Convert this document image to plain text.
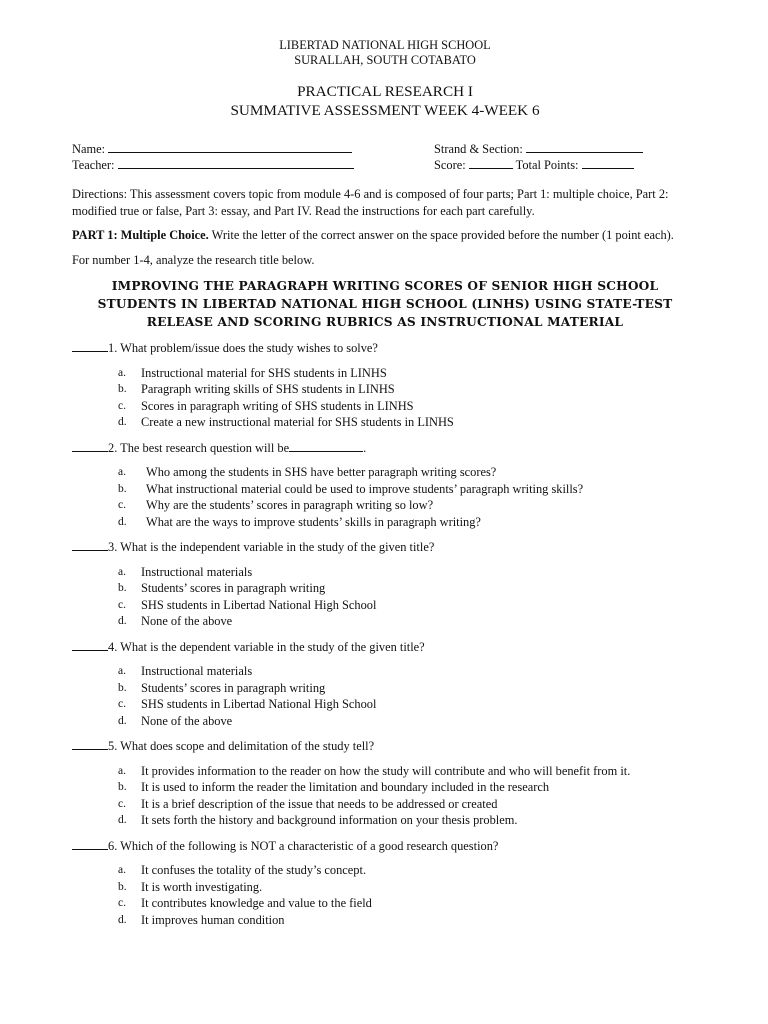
LIBERTAD NATIONAL HIGH SCHOOL
SURALLAH, SOUTH COTABATO
PRACTICAL RESEARCH I
SUMMATIVE ASSESSMENT WEEK 4-WEEK 6
Name:
Teacher:
Strand & Section:
Score:	Total Points:
Directions: This assessment covers topic from module 4-6 and is composed of four parts; Part 1: multiple choice, Part 2: modified true or false, Part 3: essay, and Part IV. Read the instructions for each part carefully.
PART 1: Multiple Choice. Write the letter of the correct answer on the space provided before the number (1 point each).
For number 1-4, analyze the research title below.
IMPROVING THE PARAGRAPH WRITING SCORES OF SENIOR HIGH SCHOOL STUDENTS IN LIBERTAD NATIONAL HIGH SCHOOL (LINHS) USING STATE-TEST RELEASE AND SCORING RUBRICS AS INSTRUCTIONAL MATERIAL
1. What problem/issue does the study wishes to solve?
a.	Instructional material for SHS students in LINHS
b.	Paragraph writing skills of SHS students in LINHS
c.	Scores in paragraph writing of SHS students in LINHS
d.	Create a new instructional material for SHS students in LINHS
2. The best research question will be	.
a.	Who among the students in SHS have better paragraph writing scores?
b.	What instructional material could be used to improve students’ paragraph writing skills?
c.	Why are the students’ scores in paragraph writing so low?
d.	What are the ways to improve students’ skills in paragraph writing?
3. What is the independent variable in the study of the given title?
a.	Instructional materials
b.	Students’ scores in paragraph writing
c.	SHS students in Libertad National High School
d.	None of the above
4. What is the dependent variable in the study of the given title?
a.	Instructional materials
b.	Students’ scores in paragraph writing
c.	SHS students in Libertad National High School
d.	None of the above
5. What does scope and delimitation of the study tell?
a.	It provides information to the reader on how the study will contribute and who will benefit from it.
b.	It is used to inform the reader the limitation and boundary included in the research
c.	It is a brief description of the issue that needs to be addressed or created
d.	It sets forth the history and background information on your thesis problem.
6. Which of the following is NOT a characteristic of a good research question?
a.	It confuses the totality of the study’s concept.
b.	It is worth investigating.
c.	It contributes knowledge and value to the field
d.	It improves human condition
